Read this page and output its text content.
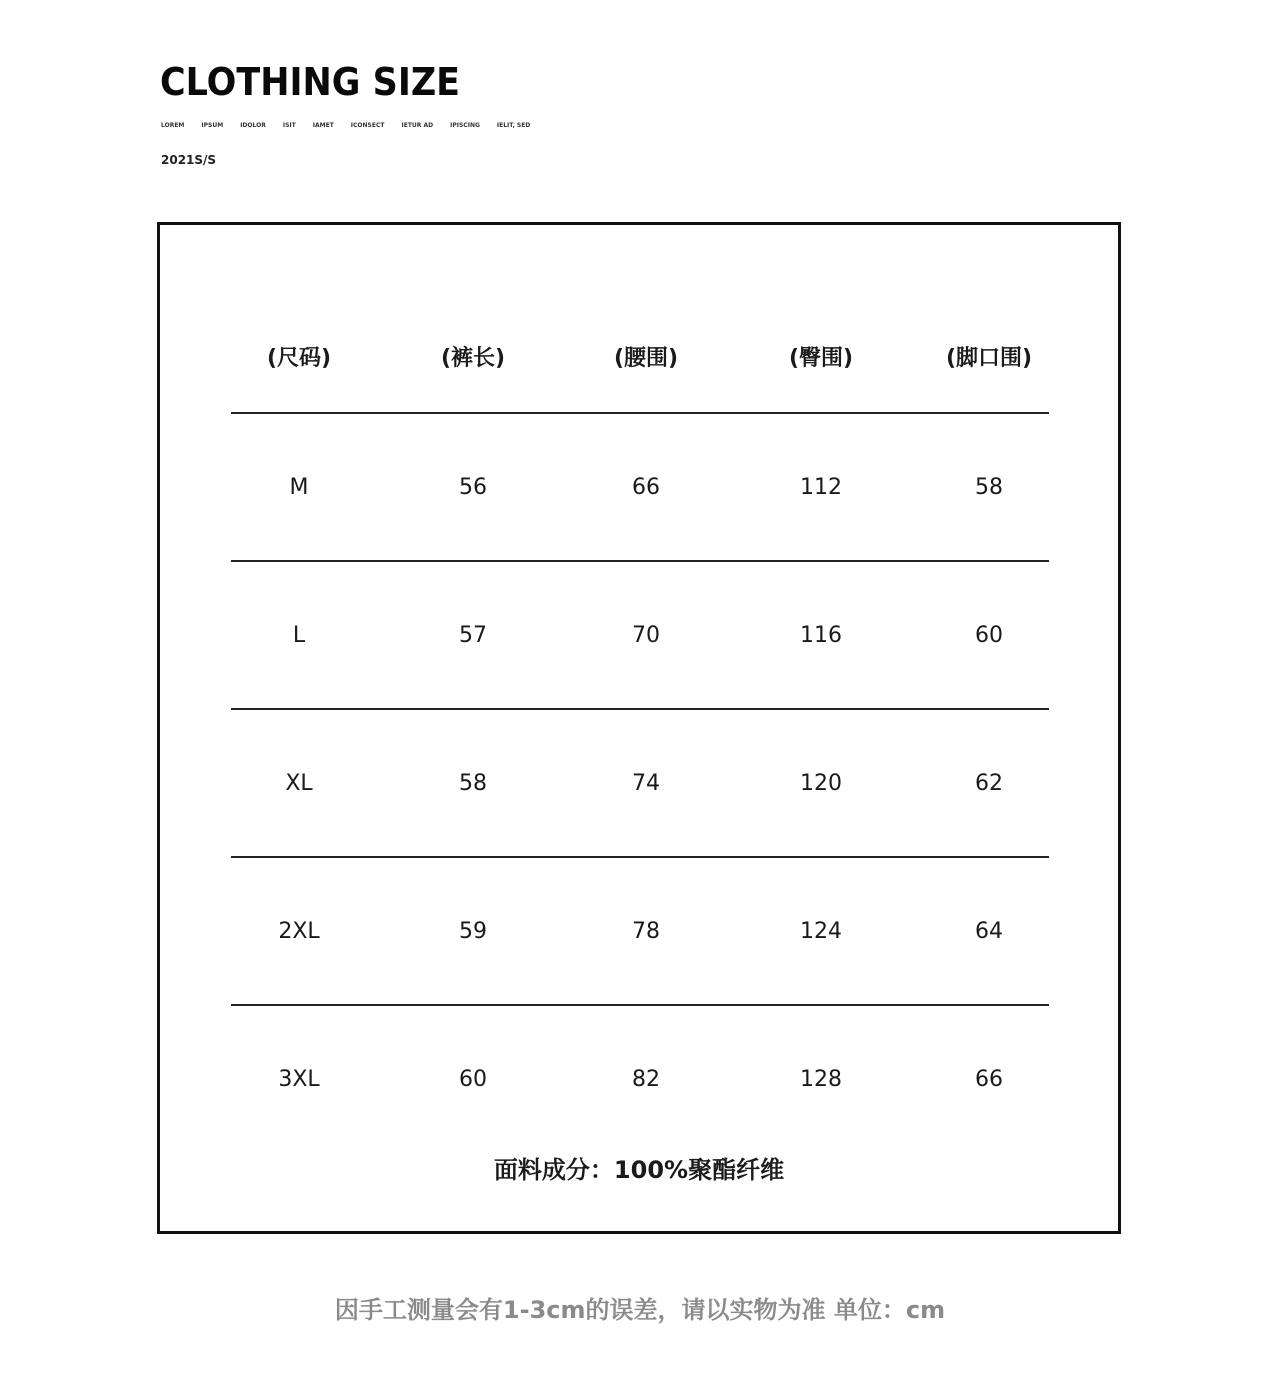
CLOTHING SIZE
LOREM	IPSUM	IDOLOR	ISIT	IAMET	ICONSECT	IETUR AD	IPISCING	IELIT, SED
2021S/S
(尺码)	(裤长)	(腰围)	(臀围)	(脚口围)
M	56	66	112	58
L	57	70	116	60
XL	58	74	120	62
2XL	59	78	124	64
3XL	60	82	128	66
面料成分：100%聚酯纤维
因手工测量会有1-3cm的误差，请以实物为准 单位：cm
